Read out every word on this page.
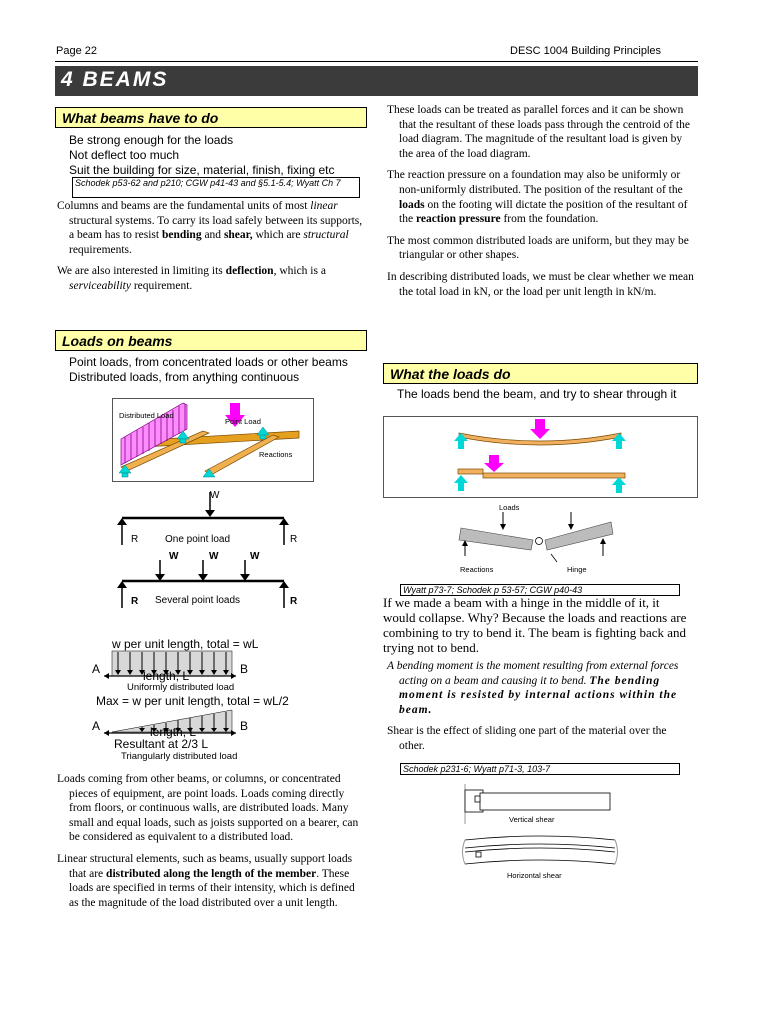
Page 22	DESC 1004 Building Principles
4 BEAMS
What beams have to do
Be strong enough for the loads
Not deflect too much
Suit the building for size, material, finish, fixing etc
Schodek p53-62 and p210; CGW p41-43 and §5.1-5.4; Wyatt Ch 7

Columns and beams are the fundamental units of most linear structural systems. To carry its load safely between its supports, a beam has to resist bending and shear, which are structural requirements.

We are also interested in limiting its deflection, which is a serviceability requirement.

Loads on beams
Point loads, from concentrated loads or other beams
Distributed loads, from anything continuous
Distributed Load
Point Load
Reactions
W
R	R
One point load
W	W	W
R	R
Several point loads
w per unit length, total = wL
A	B
length, L
Uniformly distributed load
Max = w per unit length, total = wL/2
A	B
length, L
Resultant at 2/3 L
Triangularly distributed load

Loads coming from other beams, or columns, or concentrated pieces of equipment, are point loads. Loads coming directly from floors, or continuous walls, are distributed loads. Many small and equal loads, such as joists supported on a bearer, can be considered as equivalent to a distributed load.

Linear structural elements, such as beams, usually support loads that are distributed along the length of the member. These loads are specified in terms of their intensity, which is defined as the magnitude of the load distributed over a unit length.

These loads can be treated as parallel forces and it can be shown that the resultant of these loads pass through the centroid of the load diagram. The magnitude of the resultant load is given by the area of the load diagram.

The reaction pressure on a foundation may also be uniformly or non-uniformly distributed. The position of the resultant of the loads on the footing will dictate the position of the resultant of the reaction pressure from the foundation.

The most common distributed loads are uniform, but they may be triangular or other shapes.

In describing distributed loads, we must be clear whether we mean the total load in kN, or the load per unit length in kN/m.

What the loads do
The loads bend the beam, and try to shear through it
Loads
Reactions	Hinge
Wyatt p73-7; Schodek p 53-57; CGW p40-43
If we made a beam with a hinge in the middle of it, it would collapse. Why? Because the loads and reactions are combining to try to bend it. The beam is fighting back and trying not to bend.

A bending moment is the moment resulting from external forces acting on a beam and causing it to bend. The bending moment is resisted by internal actions within the beam.

Shear is the effect of sliding one part of the material over the other.

Schodek p231-6; Wyatt p71-3, 103-7
Vertical shear
Horizontal shear
